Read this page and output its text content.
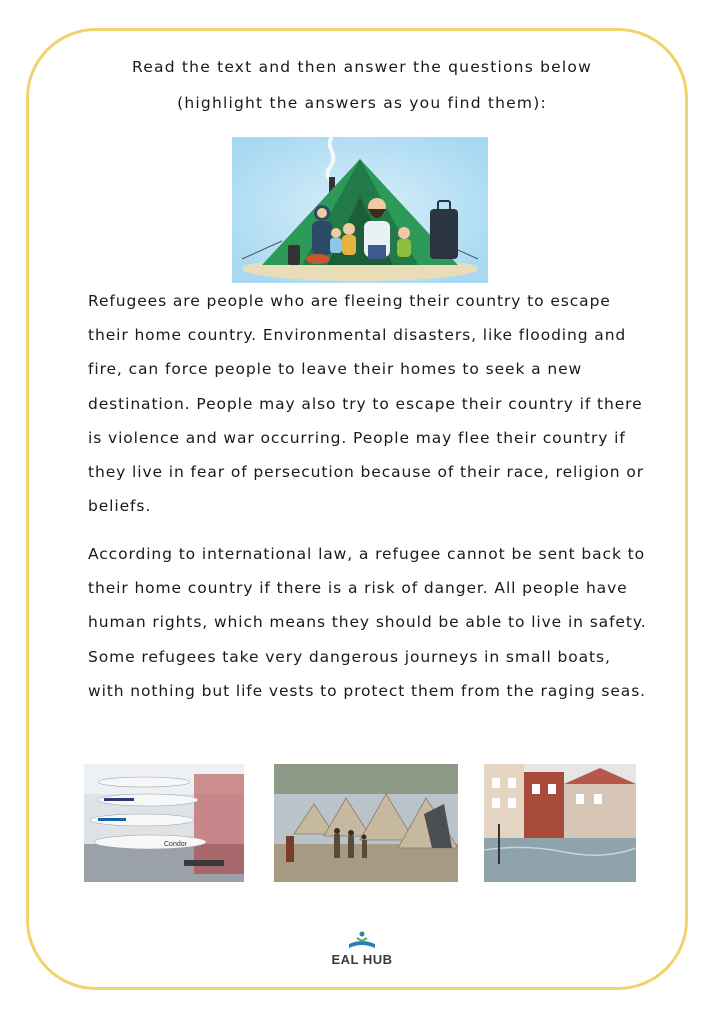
Read the text and then answer the questions below
(highlight the answers as you find them):

Refugees are people who are fleeing their country to escape their home country. Environmental disasters, like flooding and fire, can force people to leave their homes to seek a new destination. People may also try to escape their country if there is violence and war occurring. People may flee their country if they live in fear of persecution because of their race, religion or beliefs.

According to international law, a refugee cannot be sent back to their home country if there is a risk of danger. All people have human rights, which means they should be able to live in safety. Some refugees take very dangerous journeys in small boats, with nothing but life vests to protect them from the raging seas.

Condor
EAL HUB
